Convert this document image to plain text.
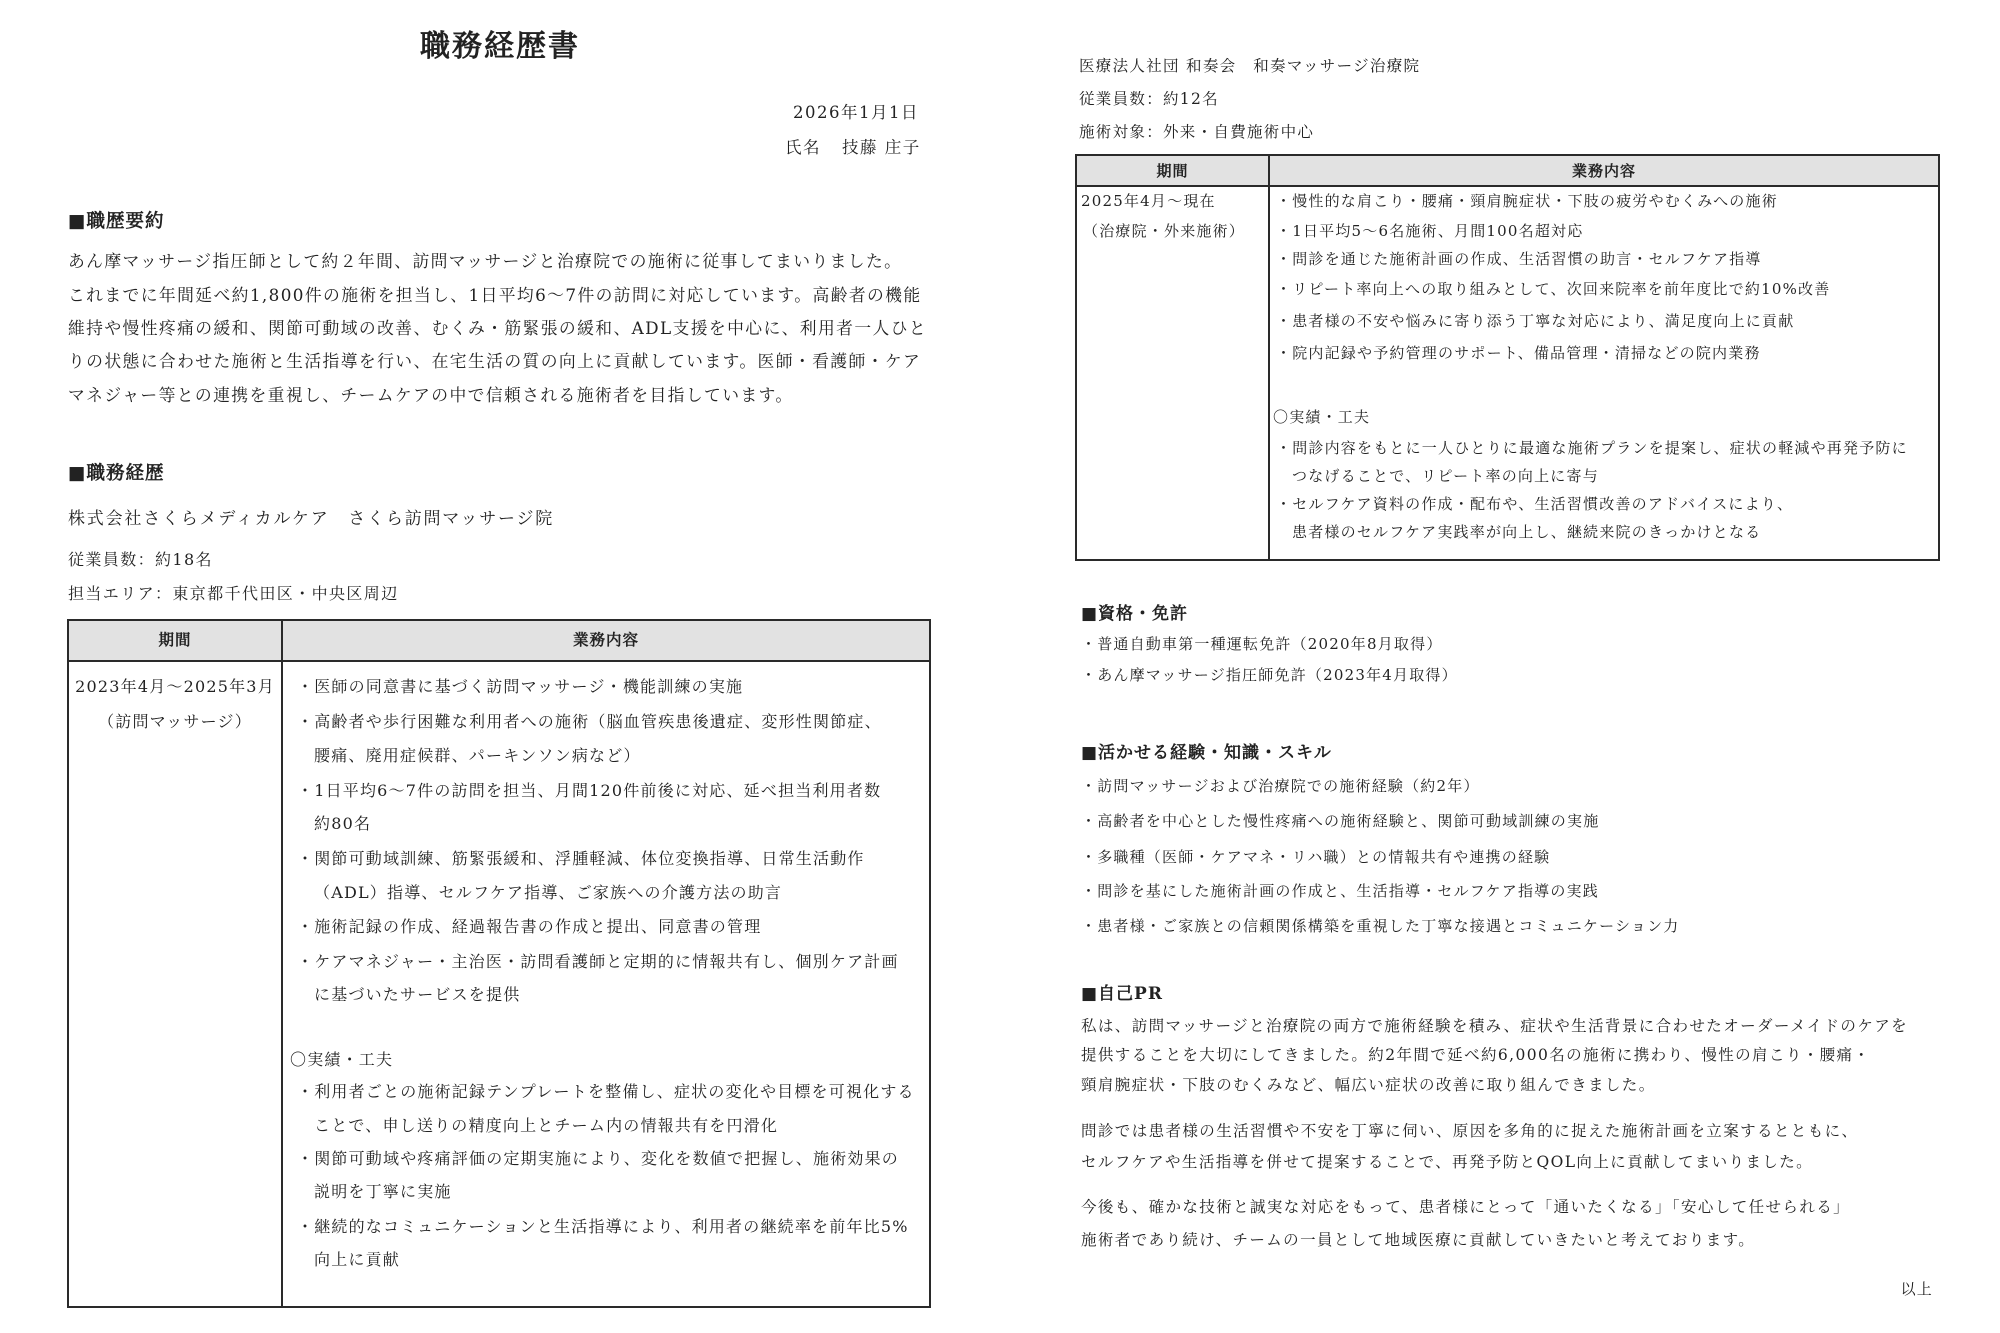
職務経歴書
2026年1月1日
氏名 技藤 庄子
■職歴要約
あん摩マッサージ指圧師として約２年間、訪問マッサージと治療院での施術に従事してまいりました。
これまでに年間延べ約1,800件の施術を担当し、1日平均6～7件の訪問に対応しています。高齢者の機能
維持や慢性疼痛の緩和、関節可動域の改善、むくみ・筋緊張の緩和、ADL支援を中心に、利用者一人ひと
りの状態に合わせた施術と生活指導を行い、在宅生活の質の向上に貢献しています。医師・看護師・ケア
マネジャー等との連携を重視し、チームケアの中で信頼される施術者を目指しています。
■職務経歴
株式会社さくらメディカルケア　さくら訪問マッサージ院
従業員数：約18名
担当エリア：東京都千代田区・中央区周辺
期間	業務内容
2023年4月～2025年3月
（訪問マッサージ）
・医師の同意書に基づく訪問マッサージ・機能訓練の実施
・高齢者や歩行困難な利用者への施術（脳血管疾患後遺症、変形性関節症、
腰痛、廃用症候群、パーキンソン病など）
・1日平均6～7件の訪問を担当、月間120件前後に対応、延べ担当利用者数
約80名
・関節可動域訓練、筋緊張緩和、浮腫軽減、体位変換指導、日常生活動作
（ADL）指導、セルフケア指導、ご家族への介護方法の助言
・施術記録の作成、経過報告書の作成と提出、同意書の管理
・ケアマネジャー・主治医・訪問看護師と定期的に情報共有し、個別ケア計画
に基づいたサービスを提供
〇実績・工夫
・利用者ごとの施術記録テンプレートを整備し、症状の変化や目標を可視化する
ことで、申し送りの精度向上とチーム内の情報共有を円滑化
・関節可動域や疼痛評価の定期実施により、変化を数値で把握し、施術効果の
説明を丁寧に実施
・継続的なコミュニケーションと生活指導により、利用者の継続率を前年比5%
向上に貢献
医療法人社団 和奏会　和奏マッサージ治療院
従業員数：約12名
施術対象：外来・自費施術中心
期間	業務内容
2025年4月～現在
（治療院・外来施術）
・慢性的な肩こり・腰痛・頸肩腕症状・下肢の疲労やむくみへの施術
・1日平均5～6名施術、月間100名超対応
・問診を通じた施術計画の作成、生活習慣の助言・セルフケア指導
・リピート率向上への取り組みとして、次回来院率を前年度比で約10%改善
・患者様の不安や悩みに寄り添う丁寧な対応により、満足度向上に貢献
・院内記録や予約管理のサポート、備品管理・清掃などの院内業務
〇実績・工夫
・問診内容をもとに一人ひとりに最適な施術プランを提案し、症状の軽減や再発予防に
つなげることで、リピート率の向上に寄与
・セルフケア資料の作成・配布や、生活習慣改善のアドバイスにより、
患者様のセルフケア実践率が向上し、継続来院のきっかけとなる
■資格・免許
・普通自動車第一種運転免許（2020年8月取得）
・あん摩マッサージ指圧師免許（2023年4月取得）
■活かせる経験・知識・スキル
・訪問マッサージおよび治療院での施術経験（約2年）
・高齢者を中心とした慢性疼痛への施術経験と、関節可動域訓練の実施
・多職種（医師・ケアマネ・リハ職）との情報共有や連携の経験
・問診を基にした施術計画の作成と、生活指導・セルフケア指導の実践
・患者様・ご家族との信頼関係構築を重視した丁寧な接遇とコミュニケーション力
■自己PR
私は、訪問マッサージと治療院の両方で施術経験を積み、症状や生活背景に合わせたオーダーメイドのケアを
提供することを大切にしてきました。約2年間で延べ約6,000名の施術に携わり、慢性の肩こり・腰痛・
頸肩腕症状・下肢のむくみなど、幅広い症状の改善に取り組んできました。
問診では患者様の生活習慣や不安を丁寧に伺い、原因を多角的に捉えた施術計画を立案するとともに、
セルフケアや生活指導を併せて提案することで、再発予防とQOL向上に貢献してまいりました。
今後も、確かな技術と誠実な対応をもって、患者様にとって「通いたくなる」「安心して任せられる」
施術者であり続け、チームの一員として地域医療に貢献していきたいと考えております。
以上
